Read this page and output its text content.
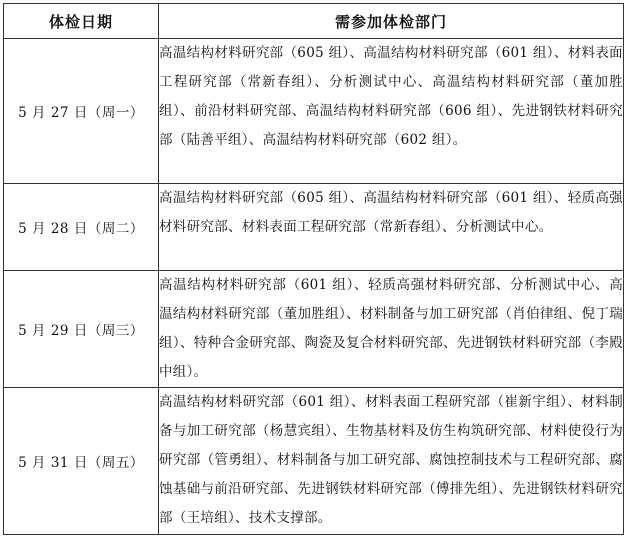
体检日期	需参加体检部门
5 月 27 日（周一）	高温结构材料研究部（605 组）、高温结构材料研究部（601 组）、材料表面工程研究部（常新春组）、分析测试中心、高温结构材料研究部（董加胜组）、前沿材料研究部、高温结构材料研究部（606 组）、先进钢铁材料研究部（陆善平组）、高温结构材料研究部（602 组）。
5 月 28 日（周二）	高温结构材料研究部（605 组）、高温结构材料研究部（601 组）、轻质高强材料研究部、材料表面工程研究部（常新春组）、分析测试中心。
5 月 29 日（周三）	高温结构材料研究部（601 组）、轻质高强材料研究部、分析测试中心、高温结构材料研究部（董加胜组）、材料制备与加工研究部（肖伯律组、倪丁瑞组）、特种合金研究部、陶瓷及复合材料研究部、先进钢铁材料研究部（李殿中组）。
5 月 31 日（周五）	高温结构材料研究部（601 组）、材料表面工程研究部（崔新宇组）、材料制备与加工研究部（杨慧宾组）、生物基材料及仿生构筑研究部、材料使役行为研究部（管勇组）、材料制备与加工研究部、腐蚀控制技术与工程研究部、腐蚀基础与前沿研究部、先进钢铁材料研究部（傅排先组）、先进钢铁材料研究部（王培组）、技术支撑部。
